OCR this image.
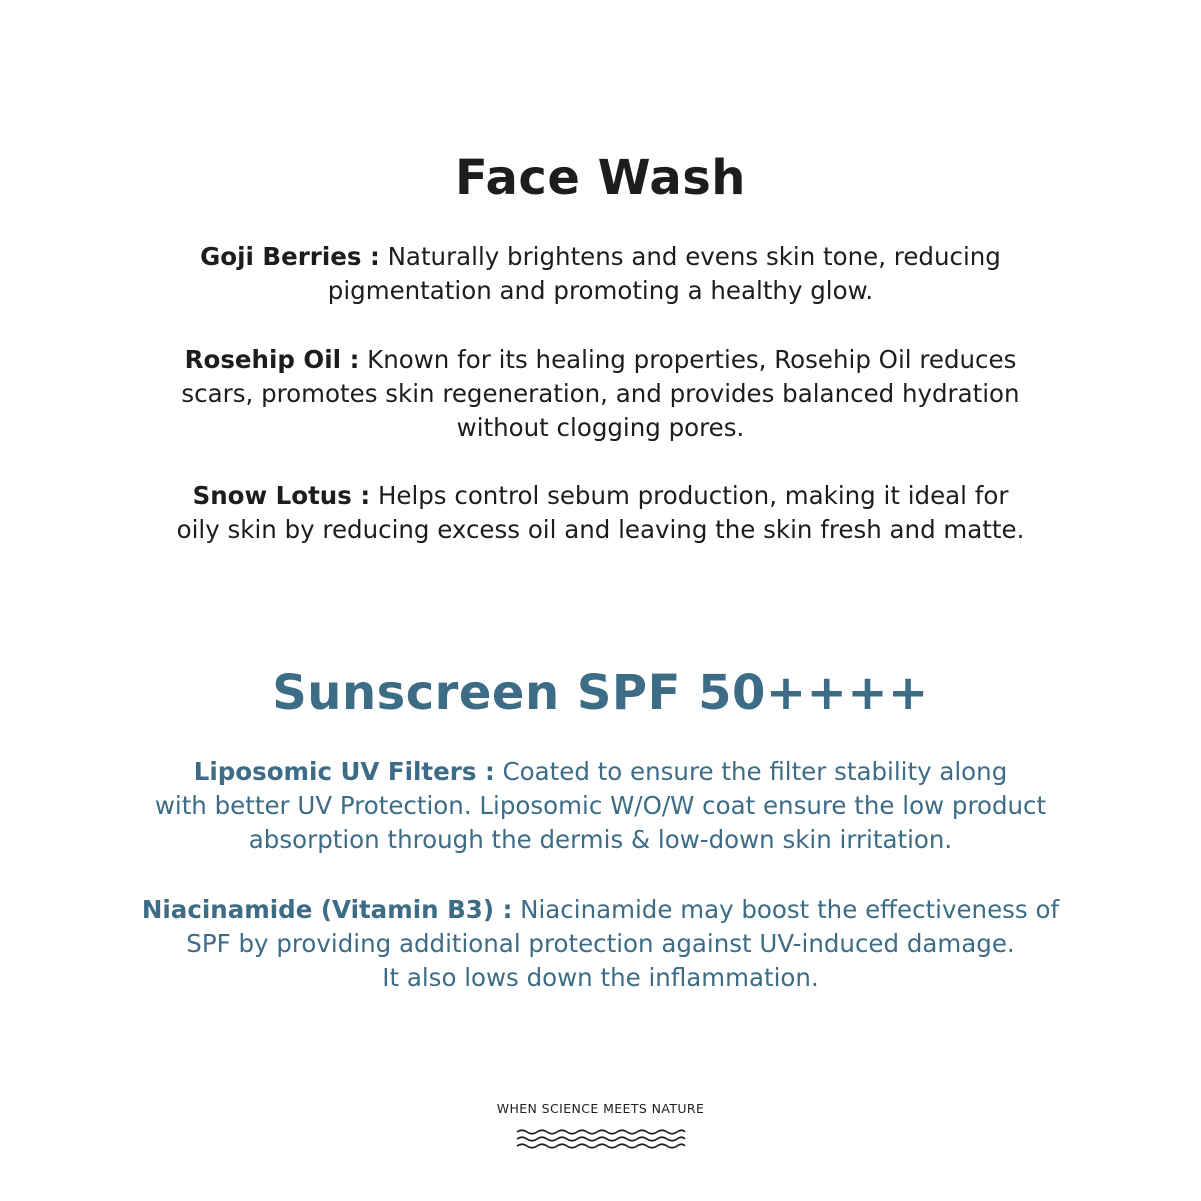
Face Wash

Goji Berries : Naturally brightens and evens skin tone, reducing
pigmentation and promoting a healthy glow.

Rosehip Oil : Known for its healing properties, Rosehip Oil reduces
scars, promotes skin regeneration, and provides balanced hydration
without clogging pores.

Snow Lotus : Helps control sebum production, making it ideal for
oily skin by reducing excess oil and leaving the skin fresh and matte.

Sunscreen SPF 50++++

Liposomic UV Filters : Coated to ensure the filter stability along
with better UV Protection. Liposomic W/O/W coat ensure the low product
absorption through the dermis & low-down skin irritation.

Niacinamide (Vitamin B3) : Niacinamide may boost the effectiveness of
SPF by providing additional protection against UV-induced damage.
It also lows down the inflammation.

WHEN SCIENCE MEETS NATURE
